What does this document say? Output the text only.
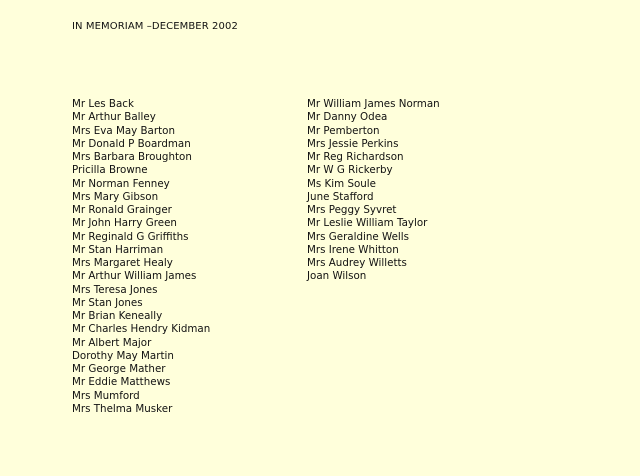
IN MEMORIAM –DECEMBER 2002
Mr Les Back
Mr Arthur Balley
Mrs Eva May Barton
Mr Donald P Boardman
Mrs Barbara Broughton
Pricilla Browne
Mr Norman Fenney
Mrs Mary Gibson
Mr Ronald Grainger
Mr John Harry Green
Mr Reginald G Griffiths
Mr Stan Harriman
Mrs Margaret Healy
Mr Arthur William James
Mrs Teresa Jones
Mr Stan Jones
Mr Brian Keneally
Mr Charles Hendry Kidman
Mr Albert Major
Dorothy May Martin
Mr George Mather
Mr Eddie Matthews
Mrs Mumford
Mrs Thelma Musker
Mr William James Norman
Mr Danny Odea
Mr Pemberton
Mrs Jessie Perkins
Mr Reg Richardson
Mr W G Rickerby
Ms Kim Soule
June Stafford
Mrs Peggy Syvret
Mr Leslie William Taylor
Mrs Geraldine Wells
Mrs Irene Whitton
Mrs Audrey Willetts
Joan Wilson
